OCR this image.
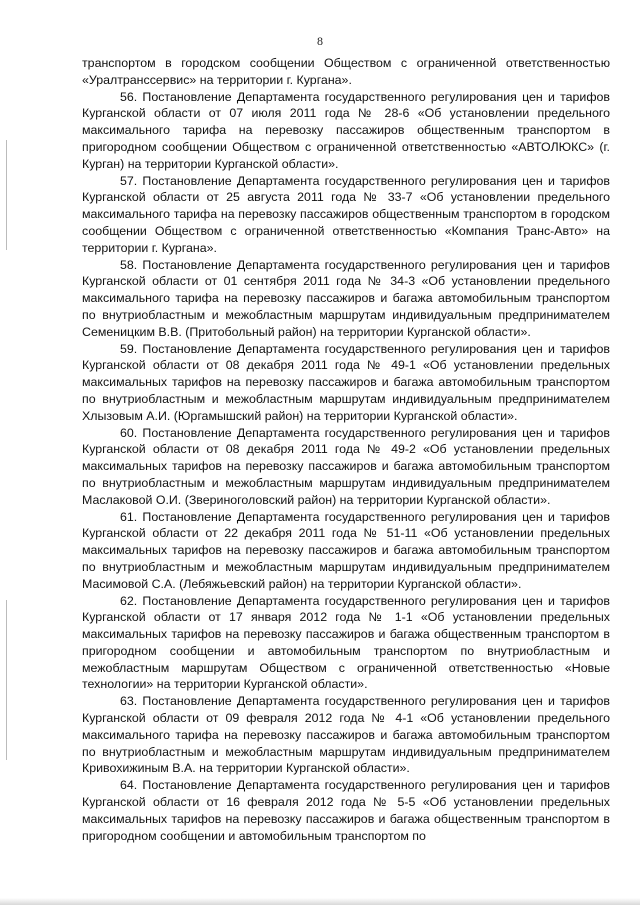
8

транспортом в городском сообщении Обществом с ограниченной ответственностью «Уралтранссервис» на территории г. Кургана».

56. Постановление Департамента государственного регулирования цен и тарифов Курганской области от 07 июля 2011 года № 28-6 «Об установлении предельного максимального тарифа на перевозку пассажиров общественным транспортом в пригородном сообщении Обществом с ограниченной ответственностью «АВТОЛЮКС» (г. Курган) на территории Курганской области».

57. Постановление Департамента государственного регулирования цен и тарифов Курганской области от 25 августа 2011 года № 33-7 «Об установлении предельного максимального тарифа на перевозку пассажиров общественным транспортом в городском сообщении Обществом с ограниченной ответственностью «Компания Транс-Авто» на территории г. Кургана».

58. Постановление Департамента государственного регулирования цен и тарифов Курганской области от 01 сентября 2011 года № 34-3 «Об установлении предельного максимального тарифа на перевозку пассажиров и багажа автомобильным транспортом по внутриобластным и межобластным маршрутам индивидуальным предпринимателем Семеницким В.В. (Притобольный район) на территории Курганской области».

59. Постановление Департамента государственного регулирования цен и тарифов Курганской области от 08 декабря 2011 года № 49-1 «Об установлении предельных максимальных тарифов на перевозку пассажиров и багажа автомобильным транспортом по внутриобластным и межобластным маршрутам индивидуальным предпринимателем Хлызовым А.И. (Юргамышский район) на территории Курганской области».

60. Постановление Департамента государственного регулирования цен и тарифов Курганской области от 08 декабря 2011 года № 49-2 «Об установлении предельных максимальных тарифов на перевозку пассажиров и багажа автомобильным транспортом по внутриобластным и межобластным маршрутам индивидуальным предпринимателем Маслаковой О.И. (Звериноголовский район) на территории Курганской области».

61. Постановление Департамента государственного регулирования цен и тарифов Курганской области от 22 декабря 2011 года № 51-11 «Об установлении предельных максимальных тарифов на перевозку пассажиров и багажа автомобильным транспортом по внутриобластным и межобластным маршрутам индивидуальным предпринимателем Масимовой С.А. (Лебяжьевский район) на территории Курганской области».

62. Постановление Департамента государственного регулирования цен и тарифов Курганской области от 17 января 2012 года № 1-1 «Об установлении предельных максимальных тарифов на перевозку пассажиров и багажа общественным транспортом в пригородном сообщении и автомобильным транспортом по внутриобластным и межобластным маршрутам Обществом с ограниченной ответственностью «Новые технологии» на территории Курганской области».

63. Постановление Департамента государственного регулирования цен и тарифов Курганской области от 09 февраля 2012 года № 4-1 «Об установлении предельного максимального тарифа на перевозку пассажиров и багажа автомобильным транспортом по внутриобластным и межобластным маршрутам индивидуальным предпринимателем Кривохижиным В.А. на территории Курганской области».

64. Постановление Департамента государственного регулирования цен и тарифов Курганской области от 16 февраля 2012 года № 5-5 «Об установлении предельных максимальных тарифов на перевозку пассажиров и багажа общественным транспортом в пригородном сообщении и автомобильным транспортом по
